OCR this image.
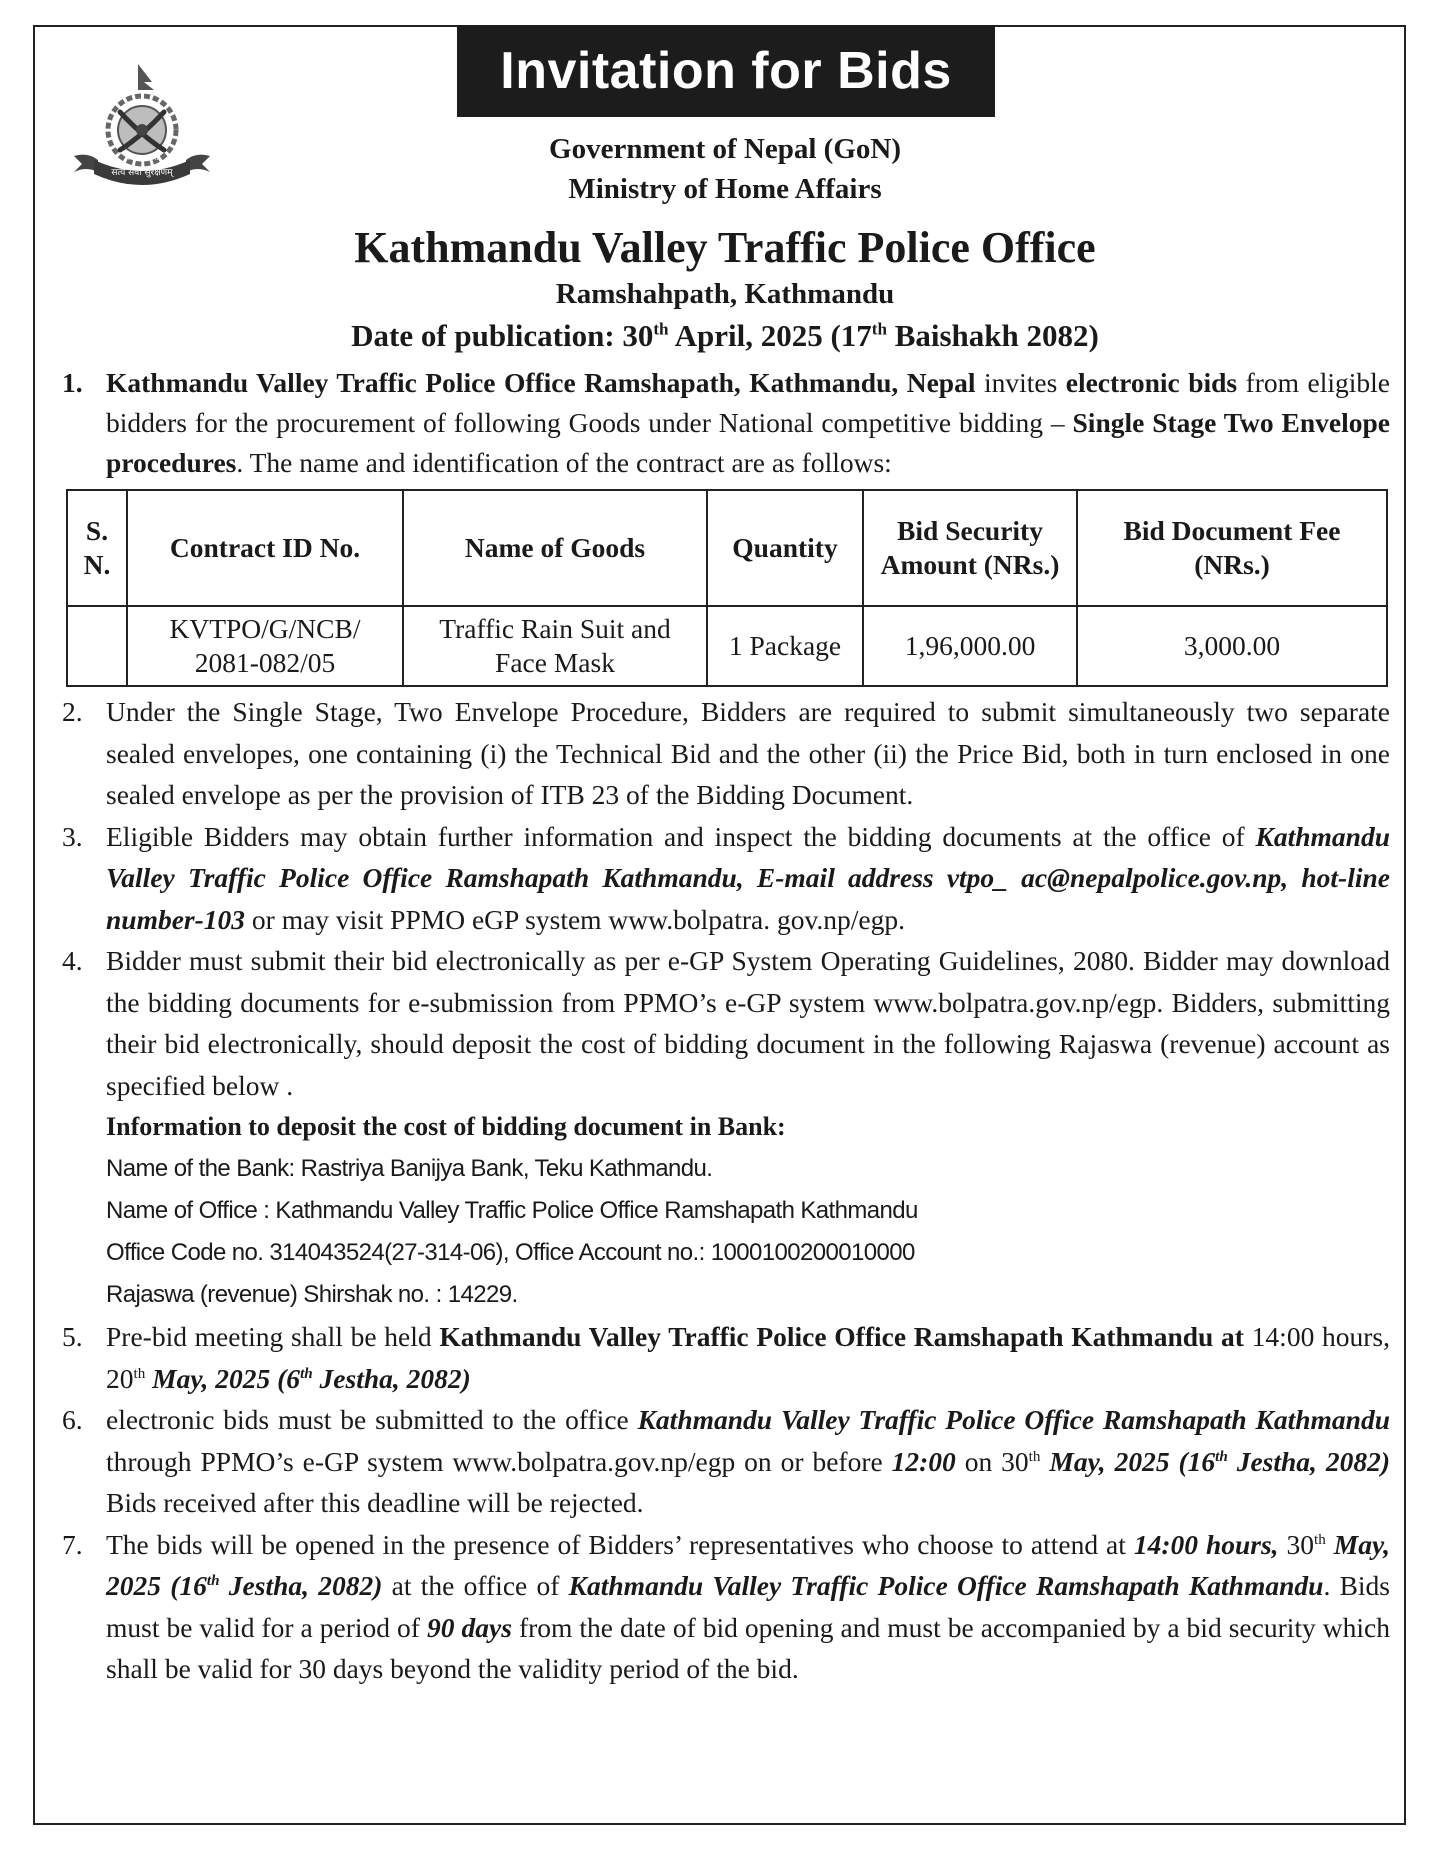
Invitation for Bids
सत्य सेवा सुरक्षणम्
नेपाल प्रहरी	Government of Nepal (GoN)
Ministry of Home Affairs
Kathmandu Valley Traffic Police Office
Ramshahpath, Kathmandu
Date of publication: 30th April, 2025 (17th Baishakh 2082)
1. Kathmandu Valley Traffic Police Office Ramshapath, Kathmandu, Nepal invites electronic bids from eligible bidders for the procurement of following Goods under National competitive bidding – Single Stage Two Envelope procedures. The name and identification of the contract are as follows:
S. N.	Contract ID No.	Name of Goods	Quantity	Bid Security Amount (NRs.)	Bid Document Fee (NRs.)
	KVTPO/G/NCB/ 2081-082/05	Traffic Rain Suit and Face Mask	1 Package	1,96,000.00	3,000.00
2. Under the Single Stage, Two Envelope Procedure, Bidders are required to submit simultaneously two separate sealed envelopes, one containing (i) the Technical Bid and the other (ii) the Price Bid, both in turn enclosed in one sealed envelope as per the provision of ITB 23 of the Bidding Document.
3. Eligible Bidders may obtain further information and inspect the bidding documents at the office of Kathmandu Valley Traffic Police Office Ramshapath Kathmandu, E-mail address vtpo_ ac@nepalpolice.gov.np, hot-line number-103 or may visit PPMO eGP system www.bolpatra. gov.np/egp.
4. Bidder must submit their bid electronically as per e-GP System Operating Guidelines, 2080. Bidder may download the bidding documents for e-submission from PPMO’s e-GP system www.bolpatra.gov.np/egp. Bidders, submitting their bid electronically, should deposit the cost of bidding document in the following Rajaswa (revenue) account as specified below .
Information to deposit the cost of bidding document in Bank:
Name of the Bank: Rastriya Banijya Bank, Teku Kathmandu.
Name of Office : Kathmandu Valley Traffic Police Office Ramshapath Kathmandu
Office Code no. 314043524(27-314-06), Office Account no.: 1000100200010000
Rajaswa (revenue) Shirshak no. : 14229.
5. Pre-bid meeting shall be held Kathmandu Valley Traffic Police Office Ramshapath Kathmandu at 14:00 hours, 20th May, 2025 (6th Jestha, 2082)
6. electronic bids must be submitted to the office Kathmandu Valley Traffic Police Office Ramshapath Kathmandu through PPMO’s e-GP system www.bolpatra.gov.np/egp on or before 12:00 on 30th May, 2025 (16th Jestha, 2082) Bids received after this deadline will be rejected.
7. The bids will be opened in the presence of Bidders’ representatives who choose to attend at 14:00 hours, 30th May, 2025 (16th Jestha, 2082) at the office of Kathmandu Valley Traffic Police Office Ramshapath Kathmandu. Bids must be valid for a period of 90 days from the date of bid opening and must be accompanied by a bid security which shall be valid for 30 days beyond the validity period of the bid.
